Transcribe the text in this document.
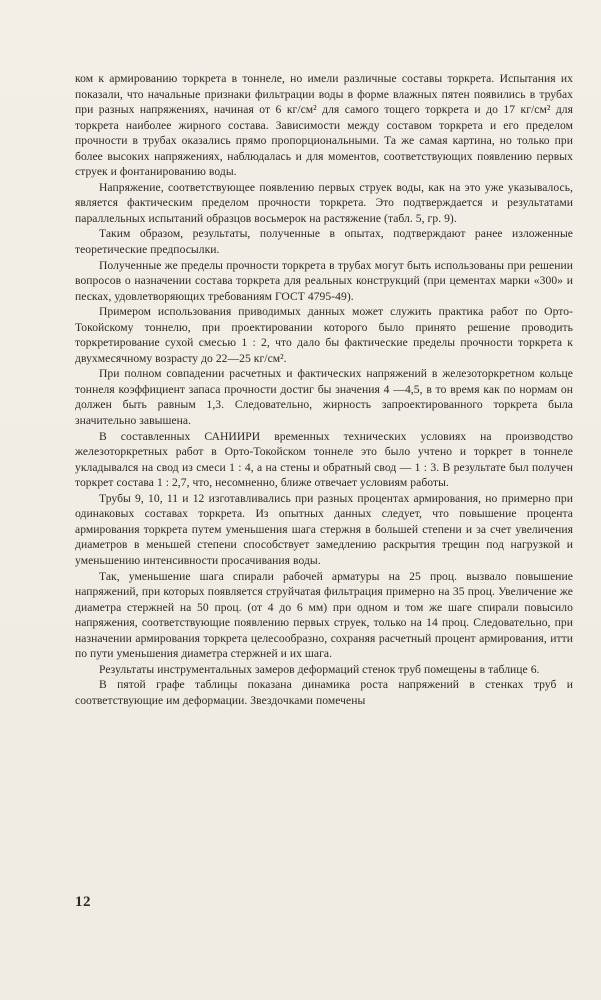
ком к армированию торкрета в тоннеле, но имели различные составы торкрета. Испытания их показали, что начальные признаки фильтрации воды в форме влажных пятен появились в трубах при разных напряжениях, начиная от 6 кг/см² для самого тощего торкрета и до 17 кг/см² для торкрета наиболее жирного состава. Зависимости между составом торкрета и его пределом прочности в трубах оказались прямо пропорциональными. Та же самая картина, но только при более высоких напряжениях, наблюдалась и для моментов, соответствующих появлению первых струек и фонтанированию воды.

Напряжение, соответствующее появлению первых струек воды, как на это уже указывалось, является фактическим пределом прочности торкрета. Это подтверждается и результатами параллельных испытаний образцов восьмерок на растяжение (табл. 5, гр. 9).

Таким образом, результаты, полученные в опытах, подтверждают ранее изложенные теоретические предпосылки.

Полученные же пределы прочности торкрета в трубах могут быть использованы при решении вопросов о назначении состава торкрета для реальных конструкций (при цементах марки «300» и песках, удовлетворяющих требованиям ГОСТ 4795-49).

Примером использования приводимых данных может служить практика работ по Орто-Токойскому тоннелю, при проектировании которого было принято решение проводить торкретирование сухой смесью 1 : 2, что дало бы фактические пределы прочности торкрета к двухмесячному возрасту до 22—25 кг/см².

При полном совпадении расчетных и фактических напряжений в железоторкретном кольце тоннеля коэффициент запаса прочности достиг бы значения 4 —4,5, в то время как по нормам он должен быть равным 1,3. Следовательно, жирность запроектированного торкрета была значительно завышена.

В составленных САНИИРИ временных технических условиях на производство железоторкретных работ в Орто-Токойском тоннеле это было учтено и торкрет в тоннеле укладывался на свод из смеси 1 : 4, а на стены и обратный свод — 1 : 3. В результате был получен торкрет состава 1 : 2,7, что, несомненно, ближе отвечает условиям работы.

Трубы 9, 10, 11 и 12 изготавливались при разных процентах армирования, но примерно при одинаковых составах торкрета. Из опытных данных следует, что повышение процента армирования торкрета путем уменьшения шага стержня в большей степени и за счет увеличения диаметров в меньшей степени способствует замедлению раскрытия трещин под нагрузкой и уменьшению интенсивности просачивания воды.

Так, уменьшение шага спирали рабочей арматуры на 25 проц. вызвало повышение напряжений, при которых появляется струйчатая фильтрация примерно на 35 проц. Увеличение же диаметра стержней на 50 проц. (от 4 до 6 мм) при одном и том же шаге спирали повысило напряжения, соответствующие появлению первых струек, только на 14 проц. Следовательно, при назначении армирования торкрета целесообразно, сохраняя расчетный процент армирования, итти по пути уменьшения диаметра стержней и их шага.

Результаты инструментальных замеров деформаций стенок труб помещены в таблице 6.

В пятой графе таблицы показана динамика роста напряжений в стенках труб и соответствующие им деформации. Звездочками помечены

12
